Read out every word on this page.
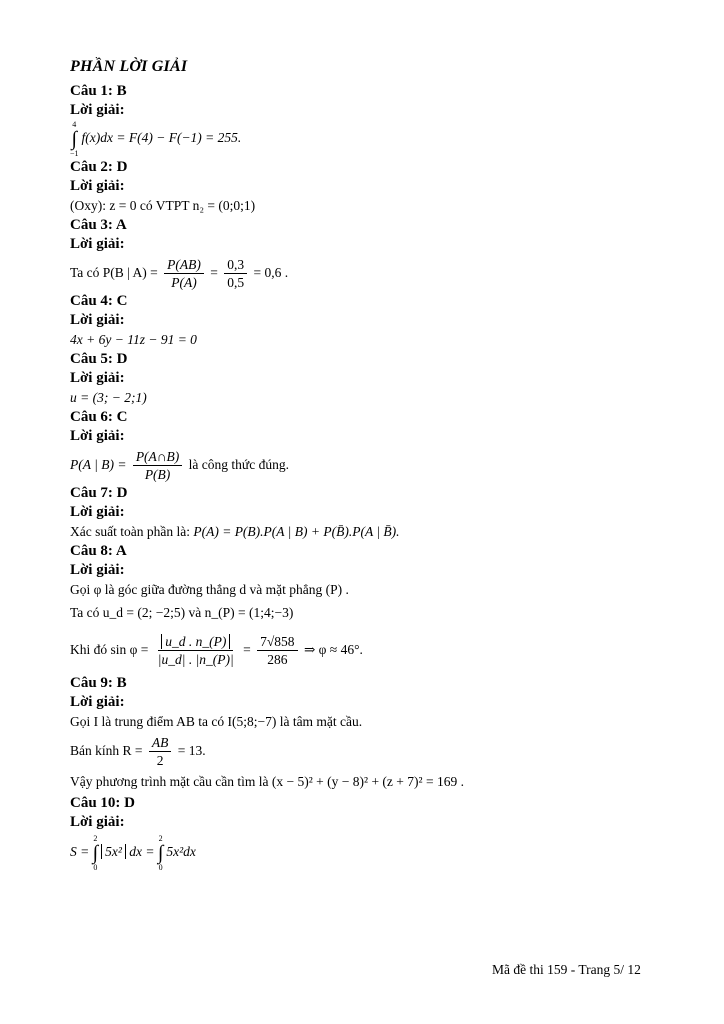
PHẦN LỜI GIẢI
Câu 1: B
Lời giải:
4
∫
−1
f(x)dx = F(4) − F(−1) = 255.
Câu 2: D
Lời giải:
(Oxy): z = 0 có VTPT n₂ = (0;0;1)
Câu 3: A
Lời giải:
Ta có P(B | $A) = \frac{P(AB)}{P(A)} = \frac{0,3}{0,5} = 0,6$ .
Câu 4: C
Lời giải:
4x + 6y − 11z − 91 = 0
Câu 5: D
Lời giải:
u = (3; − 2;1)
Câu 6: C
Lời giải:
P(A | $B) = \frac{P(A\cap B)}{P(B)}$ là công thức đúng.
Câu 7: D
Lời giải:
Xác suất toàn phần là: P(A) = P(B).P(A | B) + P(B̄).P(A | B̄).
Câu 8: A
Lời giải:
Gọi φ là góc giữa đường thẳng d và mặt phẳng (P) .
Ta có u_d = (2; −2;5) và n_(P) = (1;4;−3)
Khi đó $\sin \varphi = \frac{u\_d . n\_(P)}{|u\_d| . |n\_(P)|} = \frac{7√858}{286}$ ⇒ φ ≈ 46°.
Câu 9: B
Lời giải:
Gọi I là trung điểm AB ta có I(5;8;−7) là tâm mặt cầu.
Bán kính $R = \frac{AB}{2} = 13$.
Vậy phương trình mặt cầu cần tìm là (x − 5)² + (y − 8)² + (z + 7)² = 169 .
Câu 10: D
Lời giải:
S =
2
∫
0
5x² dx =
2
∫
0
5x²dx
Mã đề thi 159 - Trang 5/ 12
